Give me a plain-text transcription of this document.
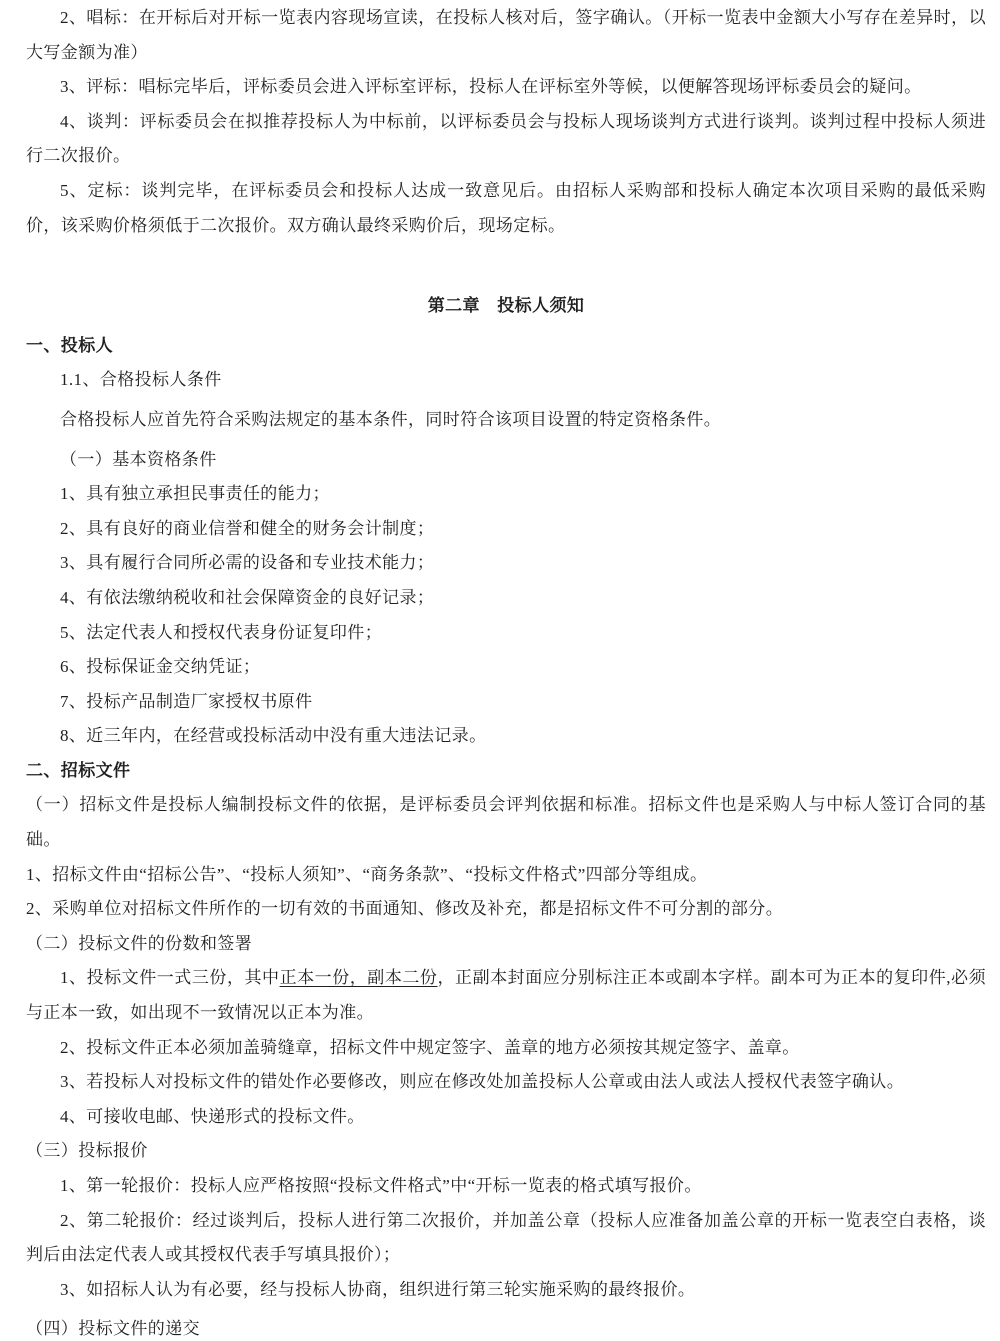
2、唱标：在开标后对开标一览表内容现场宣读，在投标人核对后，签字确认。（开标一览表中金额大小写存在差异时，以大写金额为准）

3、评标：唱标完毕后，评标委员会进入评标室评标，投标人在评标室外等候，以便解答现场评标委员会的疑问。

4、谈判：评标委员会在拟推荐投标人为中标前，以评标委员会与投标人现场谈判方式进行谈判。谈判过程中投标人须进行二次报价。

5、定标：谈判完毕，在评标委员会和投标人达成一致意见后。由招标人采购部和投标人确定本次项目采购的最低采购价，该采购价格须低于二次报价。双方确认最终采购价后，现场定标。

第二章　投标人须知

一、投标人

1.1、合格投标人条件

合格投标人应首先符合采购法规定的基本条件，同时符合该项目设置的特定资格条件。

（一）基本资格条件

1、具有独立承担民事责任的能力；

2、具有良好的商业信誉和健全的财务会计制度；

3、具有履行合同所必需的设备和专业技术能力；

4、有依法缴纳税收和社会保障资金的良好记录；

5、法定代表人和授权代表身份证复印件；

6、投标保证金交纳凭证；

7、投标产品制造厂家授权书原件

8、近三年内，在经营或投标活动中没有重大违法记录。

二、招标文件

（一）招标文件是投标人编制投标文件的依据，是评标委员会评判依据和标准。招标文件也是采购人与中标人签订合同的基础。

1、招标文件由“招标公告”、“投标人须知”、“商务条款”、“投标文件格式”四部分等组成。

2、采购单位对招标文件所作的一切有效的书面通知、修改及补充，都是招标文件不可分割的部分。

（二）投标文件的份数和签署

1、投标文件一式三份，其中正本一份，副本二份，正副本封面应分别标注正本或副本字样。副本可为正本的复印件,必须与正本一致，如出现不一致情况以正本为准。

2、投标文件正本必须加盖骑缝章，招标文件中规定签字、盖章的地方必须按其规定签字、盖章。

3、若投标人对投标文件的错处作必要修改，则应在修改处加盖投标人公章或由法人或法人授权代表签字确认。

4、可接收电邮、快递形式的投标文件。

（三）投标报价

1、第一轮报价：投标人应严格按照“投标文件格式”中“开标一览表的格式填写报价。

2、第二轮报价：经过谈判后，投标人进行第二次报价，并加盖公章（投标人应准备加盖公章的开标一览表空白表格，谈判后由法定代表人或其授权代表手写填具报价）；

3、如招标人认为有必要，经与投标人协商，组织进行第三轮实施采购的最终报价。

（四）投标文件的递交
